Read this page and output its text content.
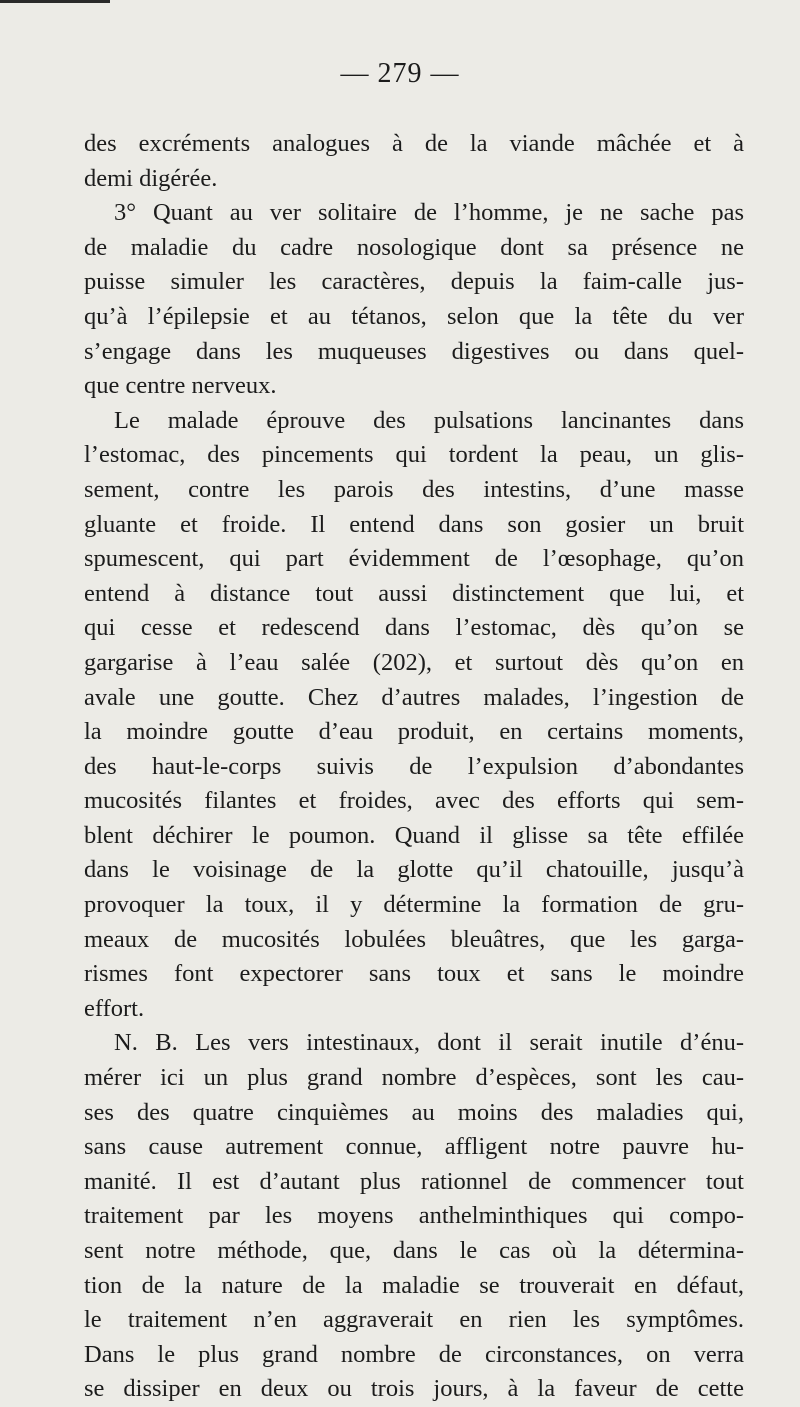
— 279 —
des excréments analogues à de la viande mâchée et à
demi digérée.
3° Quant au ver solitaire de l’homme, je ne sache pas
de maladie du cadre nosologique dont sa présence ne
puisse simuler les caractères, depuis la faim-calle jus-
qu’à l’épilepsie et au tétanos, selon que la tête du ver
s’engage dans les muqueuses digestives ou dans quel-
que centre nerveux.
Le malade éprouve des pulsations lancinantes dans
l’estomac, des pincements qui tordent la peau, un glis-
sement, contre les parois des intestins, d’une masse
gluante et froide. Il entend dans son gosier un bruit
spumescent, qui part évidemment de l’œsophage, qu’on
entend à distance tout aussi distinctement que lui, et
qui cesse et redescend dans l’estomac, dès qu’on se
gargarise à l’eau salée (202), et surtout dès qu’on en
avale une goutte. Chez d’autres malades, l’ingestion de
la moindre goutte d’eau produit, en certains moments,
des haut-le-corps suivis de l’expulsion d’abondantes
mucosités filantes et froides, avec des efforts qui sem-
blent déchirer le poumon. Quand il glisse sa tête effilée
dans le voisinage de la glotte qu’il chatouille, jusqu’à
provoquer la toux, il y détermine la formation de gru-
meaux de mucosités lobulées bleuâtres, que les garga-
rismes font expectorer sans toux et sans le moindre
effort.
N. B. Les vers intestinaux, dont il serait inutile d’énu-
mérer ici un plus grand nombre d’espèces, sont les cau-
ses des quatre cinquièmes au moins des maladies qui,
sans cause autrement connue, affligent notre pauvre hu-
manité. Il est d’autant plus rationnel de commencer tout
traitement par les moyens anthelminthiques qui compo-
sent notre méthode, que, dans le cas où la détermina-
tion de la nature de la maladie se trouverait en défaut,
le traitement n’en aggraverait en rien les symptômes.
Dans le plus grand nombre de circonstances, on verra
se dissiper en deux ou trois jours, à la faveur de cette
